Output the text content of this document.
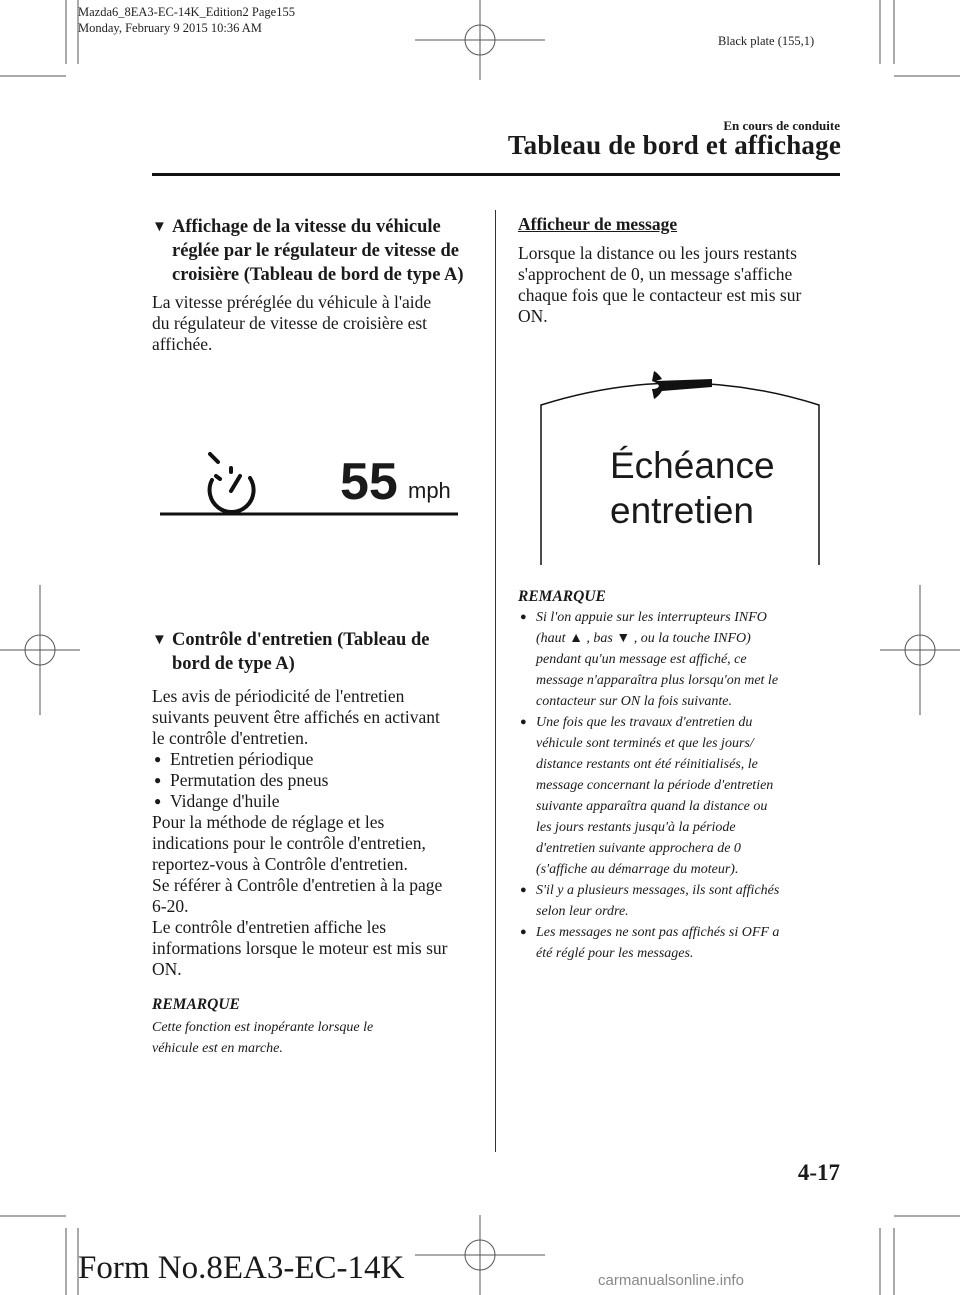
Mazda6_8EA3-EC-14K_Edition2 Page155
Monday, February 9 2015 10:36 AM
Black plate (155,1)
En cours de conduite
Tableau de bord et affichage
▼ Affichage de la vitesse du véhicule
réglée par le régulateur de vitesse de
croisière (Tableau de bord de type A)

La vitesse préréglée du véhicule à l'aide

du régulateur de vitesse de croisière est

affichée.

55 mph
▼ Contrôle d'entretien (Tableau de
bord de type A)

Les avis de périodicité de l'entretien

suivants peuvent être affichés en activant

le contrôle d'entretien.

● Entretien périodique

● Permutation des pneus

● Vidange d'huile

Pour la méthode de réglage et les

indications pour le contrôle d'entretien,

reportez-vous à Contrôle d'entretien.

Se référer à Contrôle d'entretien à la page

6-20.

Le contrôle d'entretien affiche les

informations lorsque le moteur est mis sur

ON.

REMARQUE
Cette fonction est inopérante lorsque le
véhicule est en marche.
Afficheur de message

Lorsque la distance ou les jours restants

s'approchent de 0, un message s'affiche

chaque fois que le contacteur est mis sur

ON.

Échéance
entretien
REMARQUE
● Si l'on appuie sur les interrupteurs INFO
(haut ▲ , bas ▼ , ou la touche INFO)
pendant qu'un message est affiché, ce
message n'apparaîtra plus lorsqu'on met le
contacteur sur ON la fois suivante.
● Une fois que les travaux d'entretien du
véhicule sont terminés et que les jours/
distance restants ont été réinitialisés, le
message concernant la période d'entretien
suivante apparaîtra quand la distance ou
les jours restants jusqu'à la période
d'entretien suivante approchera de 0
(s'affiche au démarrage du moteur).
● S'il y a plusieurs messages, ils sont affichés
selon leur ordre.
● Les messages ne sont pas affichés si OFF a
été réglé pour les messages.
4-17
Form No.8EA3-EC-14K	carmanualsonline.info
